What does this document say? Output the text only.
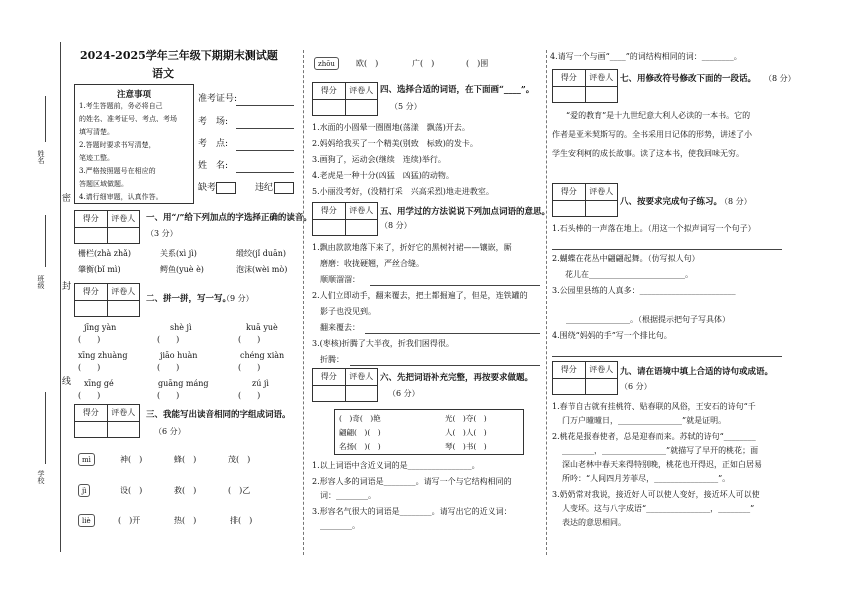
姓名
班级
学校
密
封
线
2024-2025学年三年级下期期末测试题
语文
注意事项

1.考生答题前，务必将自己

的姓名、准考证号、考点、考场

填写清楚。

2.答题时要求书写清楚，

笔迹工整。

3.严格按照题号在相应的

答题区域做题。

4.请行细审题，认真作答。

准考证号:
考　场:
考　点:
姓　名:
缺考	违纪
得分	评卷人	一、用“/”给下列加点的字选择正确的读音。
（3 分）
栅栏(zhà zhǎ)	关系(xì jì)	缎绞(jǐ duān)
肇衡(bǐ mì)	鳄鱼(yuè è)	泡沫(wèi mò)
得分	评卷人
二、拼一拼，写一写。
（9 分）
jīng yàn	shè jì	kuā yuè
(　　)	(　　)	(　　)
xīng zhuàng	jiāo huàn	chéng xiàn
(　　)	(　　)	(　　)
xīng gé	guāng máng	zú jì
(　　)	(　　)	(　　)
得分	评卷人	三、我能写出读音相同的字组成词语。
（6 分）
mì	神(　)	蜂(　)	茂(　)
jì	设(　)	救(　)	(　)乙
liè	(　)开	热(　)	排(　)
zhōu	欧(　)	广(　)	(　)围
得分	评卷人 四、选择合适的词语，在下面画“____”。
（5 分）
1.水面的小圆晕一圈圈地(荡漾　飘荡)开去。
2.妈妈给我买了一个精美(别致　标致)的发卡。
3.画狗了，运动会(继续　连续)举行。
4.老虎是一种十分(凶猛　凶猛)的动物。
5.小丽没考好，(没精打采　兴高采烈)地走进教室。
得分	评卷人 五、用学过的方法说说下列加点词语的意思。
（8 分）
1.飘由款款地落下来了，折好它的黑树衬裙——镶嵌，厮
磨磨：收拢硬翘，严丝合缝。
顺顺溜溜：
2.人们立即动手，翻来覆去，把土都掘遍了，但是，连铁罐的
影子也没见到。
翻来覆去：
3.(枣核)折腾了大半夜，折我们困得很。
折腾：
得分	评卷人 六、先把词语补充完整，再按要求做题。
（6 分）
(　)奇(　)艳	光(　)夺(　)
翩翩(　)(　)	人(　)人(　)
名扬(　)(　)	琴(　)书(　)
1.以上词语中含近义词的是________________。
2.形容人多的词语是________。请写一个与它结构相同的
词：________。
3.形容名气很大的词语是________。请写出它的近义词：
________。
4.请写一个与画“____”的词结构相同的词：________。
得分	评卷人 七、用修改符号修改下面的一段话。 （8 分）
“爱的教育”是十九世纪意大利人必读的一本书。它的
作者是亚米契斯写的。全书采用日记体的形势，讲述了小
学生安利柯的成长故事。读了这本书，使我回味无穷。
得分	评卷人
八、按要求完成句子练习。
（8 分）
1.石头棒的一声落在地上。（用这一个拟声词写一个句子）
2.蝴蝶在花丛中翩翩起舞。（仿写拟人句）
花儿在________________________。
3.公园里县练的人真多：________________________
________________。（根据提示把句子写具体）
4.围绕“妈妈的手”写一个排比句。
得分	评卷人 九、请在语境中填上合适的诗句或成语。
（6 分）
1.春节自古就有挂桃符、贴春联的风俗，王安石的诗句“千
门万户曈曈日，________________”就是证明。
2.桃花是报春使者，总是迎春而来。苏轼的诗句“________
________，________________”就描写了早开的桃花；面
深山老林中春天来得特别晚，桃花也开得迟，正如白居易
所吟：“人间四月芳菲尽，________________”。
3.奶奶常对我说，接近好人可以使人变好，接近坏人可以使
人变坏。这与八字成语“________________，________”
表达的意思相同。
